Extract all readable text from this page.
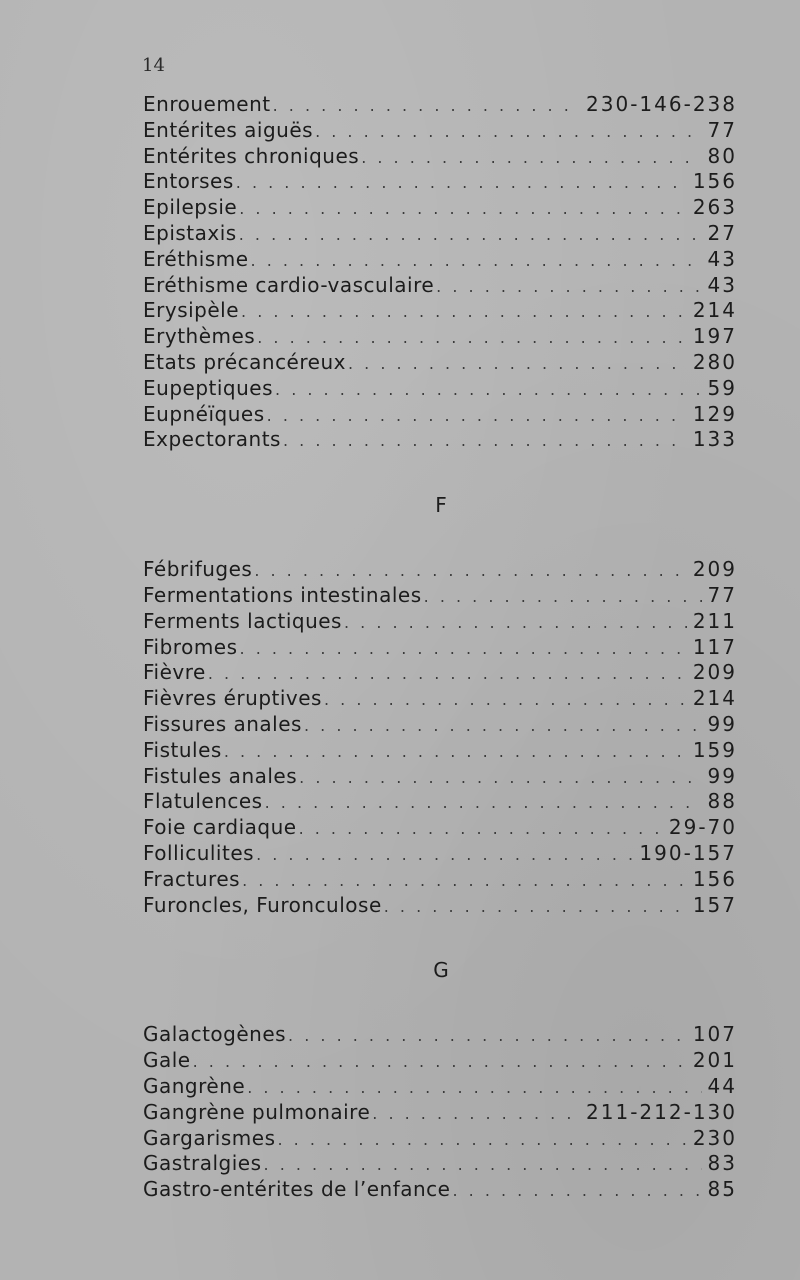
14
Enrouement . . .	230-146-238
Entérites aiguës . . .	77
Entérites chroniques . . .	80
Entorses . . .	156
Epilepsie . . .	263
Epistaxis . . .	27
Eréthisme . . .	43
Eréthisme cardio-vasculaire . . .	43
Erysipèle . . .	214
Erythèmes . . .	197
Etats précancéreux . . .	280
Eupeptiques . . .	59
Eupnéïques . . .	129
Expectorants . . .	133
F
Fébrifuges . . .	209
Fermentations intestinales . . .	77
Ferments lactiques . . .	211
Fibromes . . .	117
Fièvre . . .	209
Fièvres éruptives . . .	214
Fissures anales . . .	99
Fistules . . .	159
Fistules anales . . .	99
Flatulences . . .	88
Foie cardiaque . . .	29-70
Folliculites . . .	190-157
Fractures . . .	156
Furoncles, Furonculose . . .	157
G
Galactogènes . . .	107
Gale . . .	201
Gangrène . . .	44
Gangrène pulmonaire . . .	211-212-130
Gargarismes . . .	230
Gastralgies . . .	83
Gastro-entérites de l’enfance . . .	85
